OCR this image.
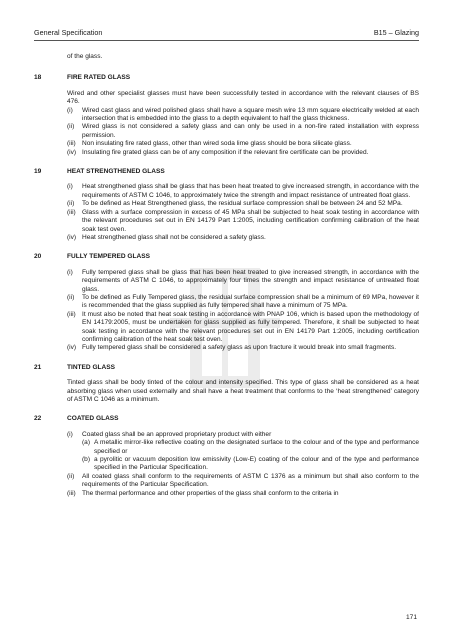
General Specification	B15 – Glazing
of the glass.
18	FIRE RATED GLASS
Wired and other specialist glasses must have been successfully tested in accordance with the relevant clauses of BS 476.
(i)	Wired cast glass and wired polished glass shall have a square mesh wire 13 mm square electrically welded at each intersection that is embedded into the glass to a depth equivalent to half the glass thickness.
(ii)	Wired glass is not considered a safety glass and can only be used in a non-fire rated installation with express permission.
(iii) Non insulating fire rated glass, other than wired soda lime glass should be bora silicate glass.
(iv) Insulating fire grated glass can be of any composition if the relevant fire certificate can be provided.
19	HEAT STRENGTHENED GLASS
(i)	Heat strengthened glass shall be glass that has been heat treated to give increased strength, in accordance with the requirements of ASTM C 1046, to approximately twice the strength and impact resistance of untreated float glass.
(ii)	To be defined as Heat Strengthened glass, the residual surface compression shall be between 24 and 52 MPa.
(iii) Glass with a surface compression in excess of 45 MPa shall be subjected to heat soak testing in accordance with the relevant procedures set out in EN 14179 Part 1:2005, including certification confirming calibration of the heat soak test oven.
(iv) Heat strengthened glass shall not be considered a safety glass.
20	FULLY TEMPERED GLASS
(i)	Fully tempered glass shall be glass that has been heat treated to give increased strength, in accordance with the requirements of ASTM C 1046, to approximately four times the strength and impact resistance of untreated float glass.
(ii)	To be defined as Fully Tempered glass, the residual surface compression shall be a minimum of 69 MPa, however it is recommended that the glass supplied as fully tempered shall have a minimum of 75 MPa.
(iii) It must also be noted that heat soak testing in accordance with PNAP 106, which is based upon the methodology of EN 14179:2005, must be undertaken for glass supplied as fully tempered. Therefore, it shall be subjected to heat soak testing in accordance with the relevant procedures set out in EN 14179 Part 1:2005, including certification confirming calibration of the heat soak test oven.
(iv) Fully tempered glass shall be considered a safety glass as upon fracture it would break into small fragments.
21	TINTED GLASS
Tinted glass shall be body tinted of the colour and intensity specified. This type of glass shall be considered as a heat absorbing glass when used externally and shall have a heat treatment that conforms to the ‘heat strengthened’ category of ASTM C 1046 as a minimum.
22	COATED GLASS
(i)	Coated glass shall be an approved proprietary product with either
(a) A metallic mirror-like reflective coating on the designated surface to the colour and of the type and performance specified or
(b) a pyrolitic or vacuum deposition low emissivity (Low-E) coating of the colour and of the type and performance specified in the Particular Specification.
(ii)	All coated glass shall conform to the requirements of ASTM C 1376 as a minimum but shall also conform to the requirements of the Particular Specification.
(iii) The thermal performance and other properties of the glass shall conform to the criteria in
171
